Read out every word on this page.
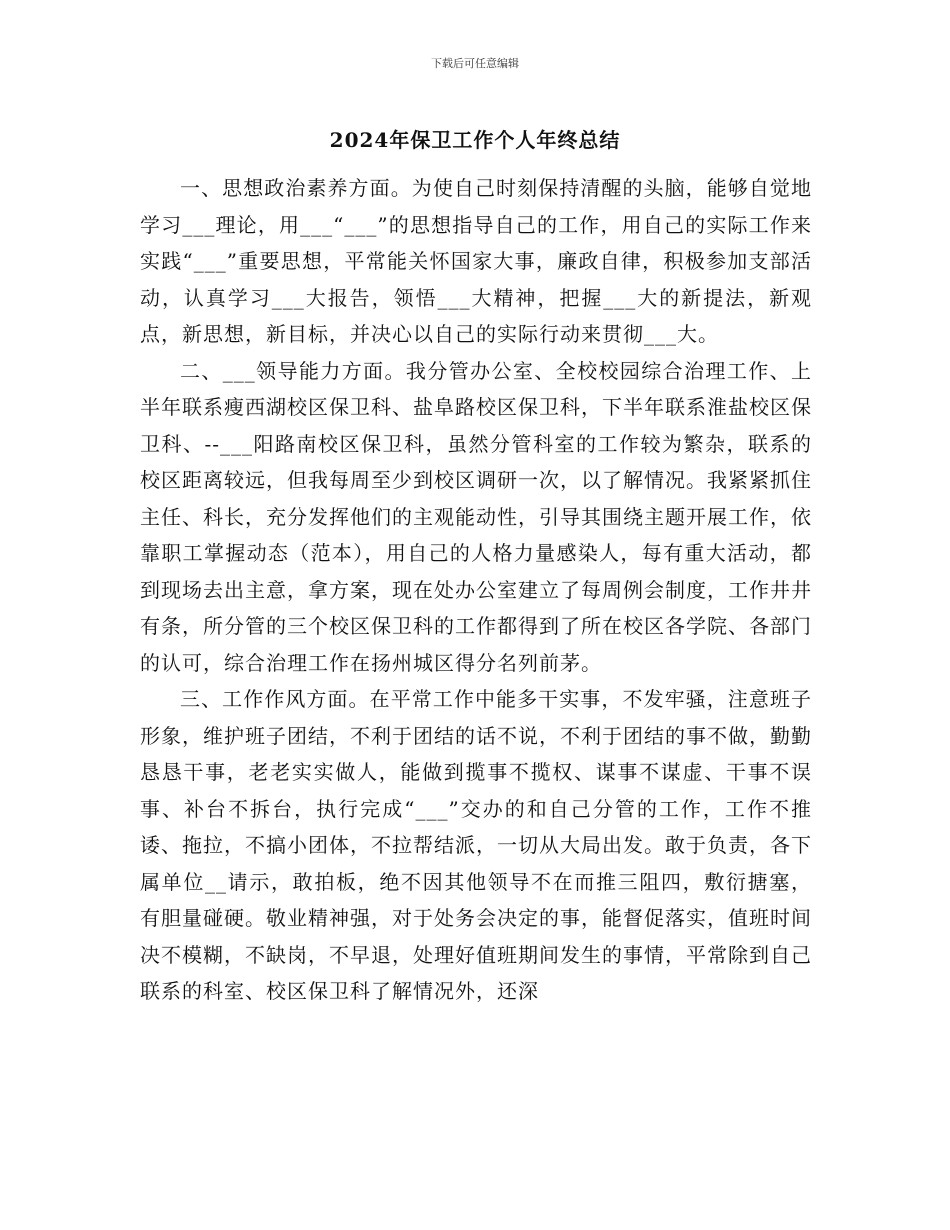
下载后可任意编辑
2024年保卫工作个人年终总结

一、思想政治素养方面。为使自己时刻保持清醒的头脑，能够自觉地学习___理论，用___“___”的思想指导自己的工作，用自己的实际工作来实践“___”重要思想，平常能关怀国家大事，廉政自律，积极参加支部活动，认真学习___大报告，领悟___大精神，把握___大的新提法，新观点，新思想，新目标，并决心以自己的实际行动来贯彻___大。

二、___领导能力方面。我分管办公室、全校校园综合治理工作、上半年联系瘦西湖校区保卫科、盐阜路校区保卫科，下半年联系淮盐校区保卫科、--___阳路南校区保卫科，虽然分管科室的工作较为繁杂，联系的校区距离较远，但我每周至少到校区调研一次，以了解情况。我紧紧抓住主任、科长，充分发挥他们的主观能动性，引导其围绕主题开展工作，依靠职工掌握动态（范本），用自己的人格力量感染人，每有重大活动，都到现场去出主意，拿方案，现在处办公室建立了每周例会制度，工作井井有条，所分管的三个校区保卫科的工作都得到了所在校区各学院、各部门的认可，综合治理工作在扬州城区得分名列前茅。

三、工作作风方面。在平常工作中能多干实事，不发牢骚，注意班子形象，维护班子团结，不利于团结的话不说，不利于团结的事不做，勤勤恳恳干事，老老实实做人，能做到揽事不揽权、谋事不谋虚、干事不误事、补台不拆台，执行完成“___”交办的和自己分管的工作，工作不推诿、拖拉，不搞小团体，不拉帮结派，一切从大局出发。敢于负责，各下属单位__请示，敢拍板，绝不因其他领导不在而推三阻四，敷衍搪塞，有胆量碰硬。敬业精神强，对于处务会决定的事，能督促落实，值班时间决不模糊，不缺岗，不早退，处理好值班期间发生的事情，平常除到自己联系的科室、校区保卫科了解情况外，还深
